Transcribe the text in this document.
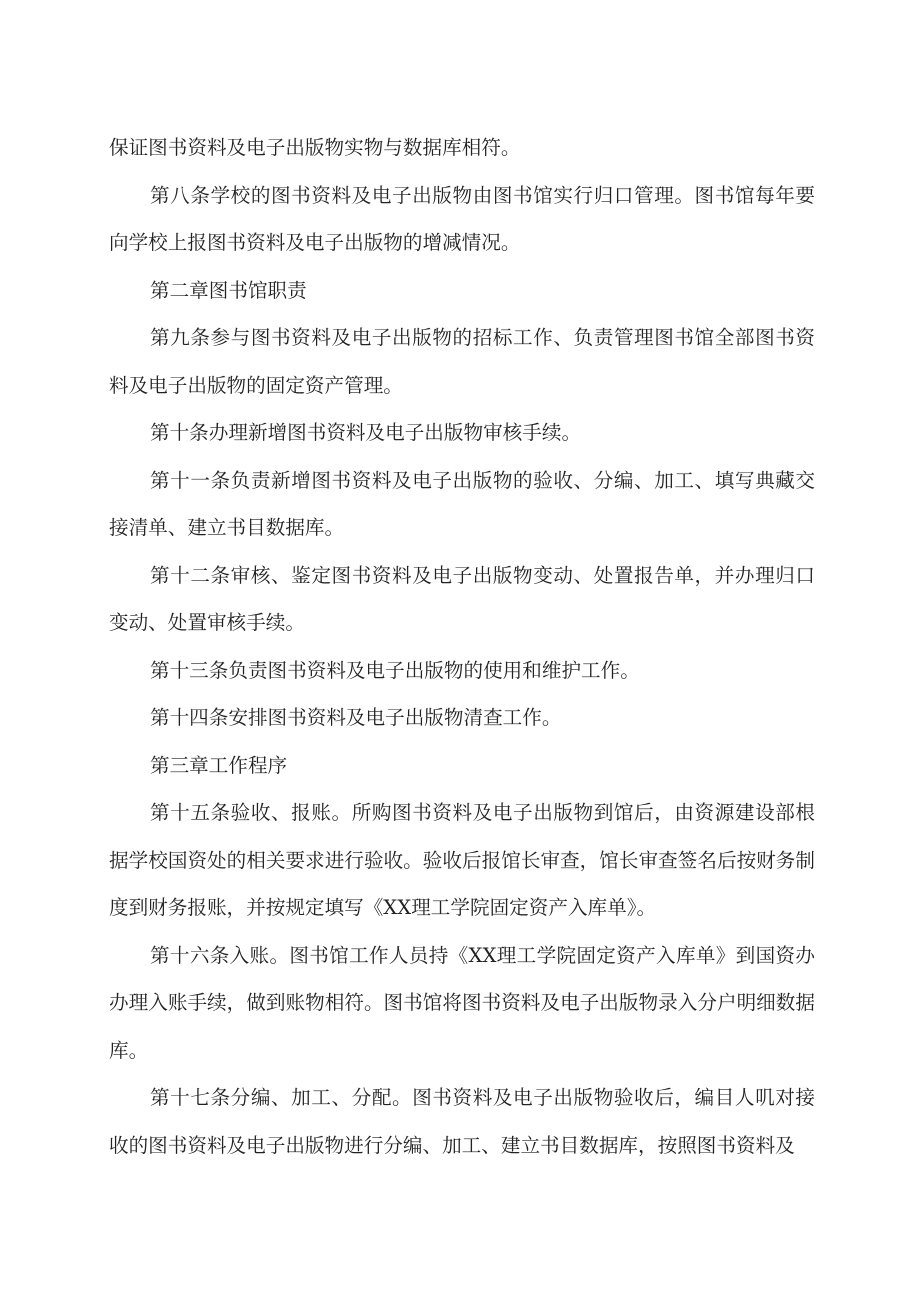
保证图书资料及电子出版物实物与数据库相符。

第八条学校的图书资料及电子出版物由图书馆实行归口管理。图书馆每年要向学校上报图书资料及电子出版物的增减情况。

第二章图书馆职责

第九条参与图书资料及电子出版物的招标工作、负责管理图书馆全部图书资料及电子出版物的固定资产管理。

第十条办理新增图书资料及电子出版物审核手续。

第十一条负责新增图书资料及电子出版物的验收、分编、加工、填写典藏交接清单、建立书目数据库。

第十二条审核、鉴定图书资料及电子出版物变动、处置报告单，并办理归口变动、处置审核手续。

第十三条负责图书资料及电子出版物的使用和维护工作。

第十四条安排图书资料及电子出版物清查工作。

第三章工作程序

第十五条验收、报账。所购图书资料及电子出版物到馆后，由资源建设部根据学校国资处的相关要求进行验收。验收后报馆长审查，馆长审查签名后按财务制度到财务报账，并按规定填写《XX理工学院固定资产入库单》。

第十六条入账。图书馆工作人员持《XX理工学院固定资产入库单》到国资办办理入账手续，做到账物相符。图书馆将图书资料及电子出版物录入分户明细数据库。

第十七条分编、加工、分配。图书资料及电子出版物验收后，编目人叽对接收的图书资料及电子出版物进行分编、加工、建立书目数据库，按照图书资料及
